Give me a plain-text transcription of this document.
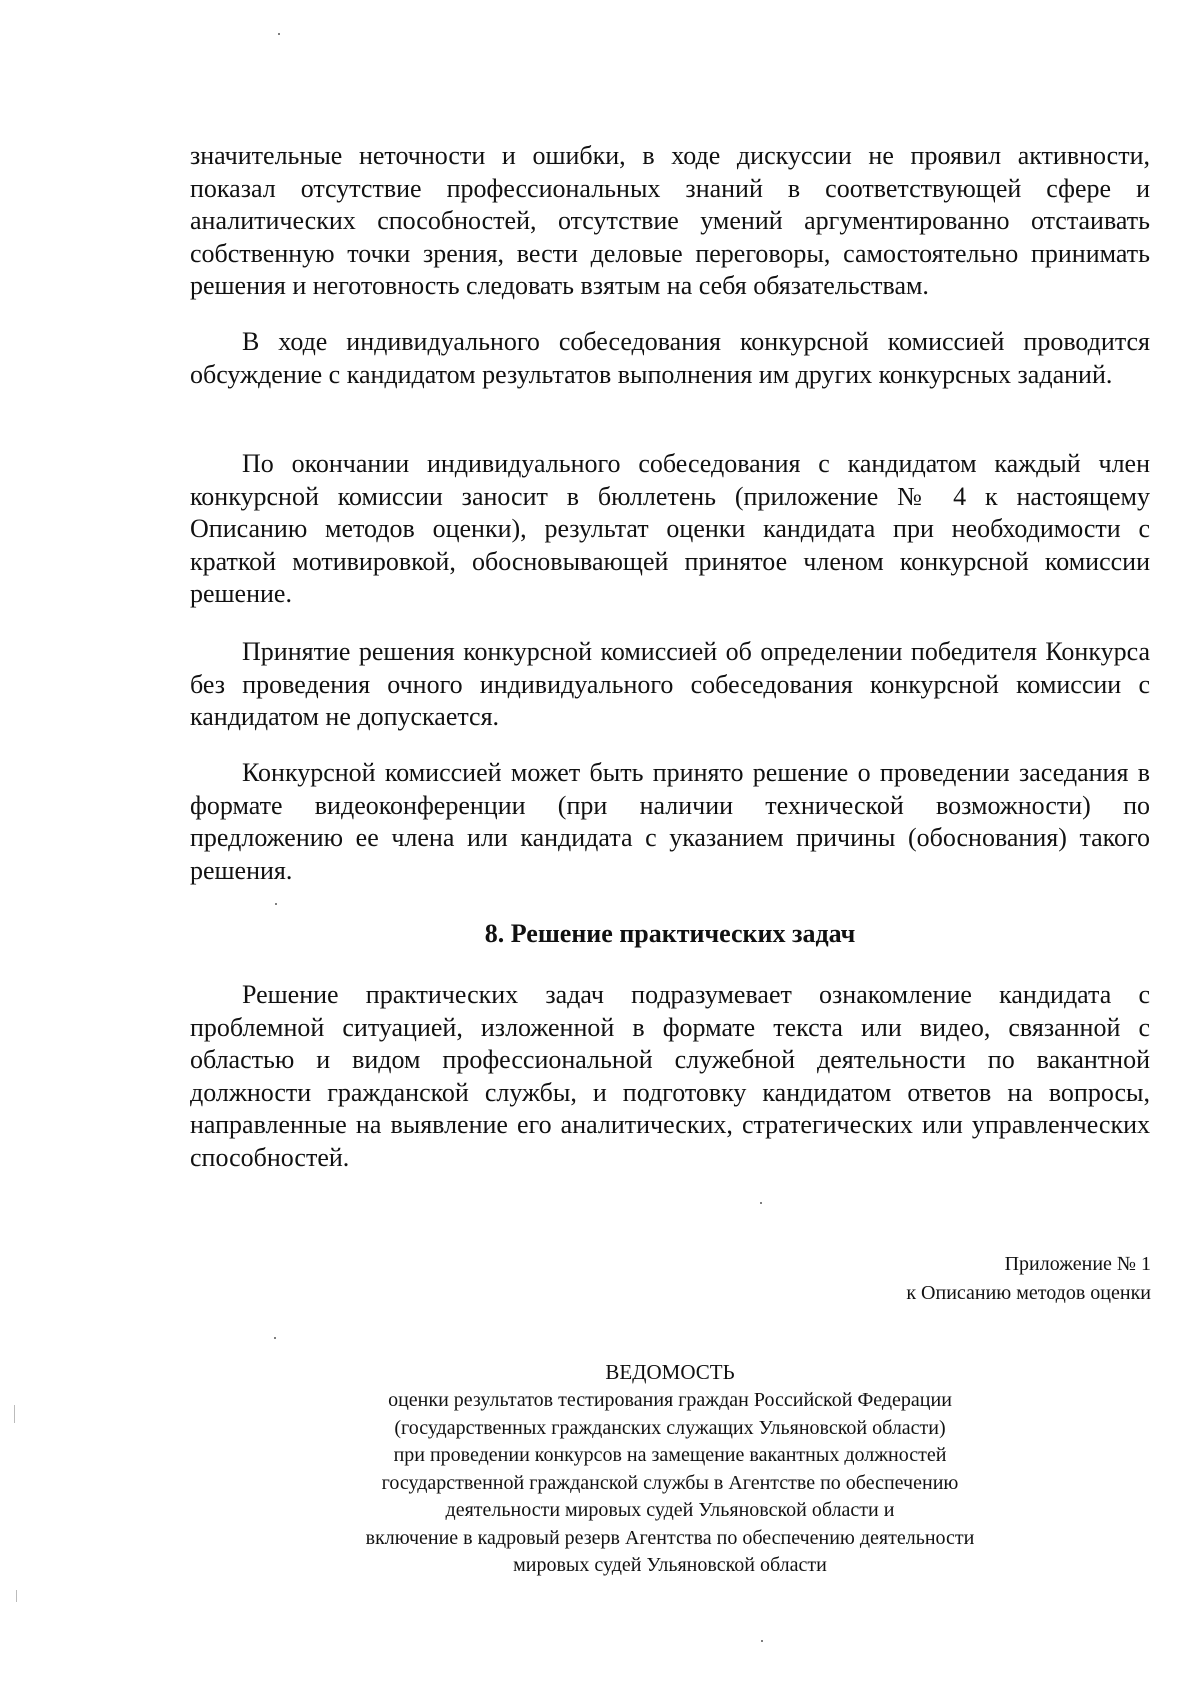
значительные неточности и ошибки, в ходе дискуссии не проявил активности, показал отсутствие профессиональных знаний в соответствующей сфере и аналитических способностей, отсутствие умений аргументированно отстаивать собственную точки зрения, вести деловые переговоры, самостоятельно принимать решения и неготовность следовать взятым на себя обязательствам.

В ходе индивидуального собеседования конкурсной комиссией проводится обсуждение с кандидатом результатов выполнения им других конкурсных заданий.

По окончании индивидуального собеседования с кандидатом каждый член конкурсной комиссии заносит в бюллетень (приложение № 4 к настоящему Описанию методов оценки), результат оценки кандидата при необходимости с краткой мотивировкой, обосновывающей принятое членом конкурсной комиссии решение.

Принятие решения конкурсной комиссией об определении победителя Конкурса без проведения очного индивидуального собеседования конкурсной комиссии с кандидатом не допускается.

Конкурсной комиссией может быть принято решение о проведении заседания в формате видеоконференции (при наличии технической возможности) по предложению ее члена или кандидата с указанием причины (обоснования) такого решения.

8. Решение практических задач

Решение практических задач подразумевает ознакомление кандидата с проблемной ситуацией, изложенной в формате текста или видео, связанной с областью и видом профессиональной служебной деятельности по вакантной должности гражданской службы, и подготовку кандидатом ответов на вопросы, направленные на выявление его аналитических, стратегических или управленческих способностей.

Приложение № 1
к Описанию методов оценки
ВЕДОМОСТЬ
оценки результатов тестирования граждан Российской Федерации
(государственных гражданских служащих Ульяновской области)
при проведении конкурсов на замещение вакантных должностей
государственной гражданской службы в Агентстве по обеспечению
деятельности мировых судей Ульяновской области и
включение в кадровый резерв Агентства по обеспечению деятельности
мировых судей Ульяновской области
